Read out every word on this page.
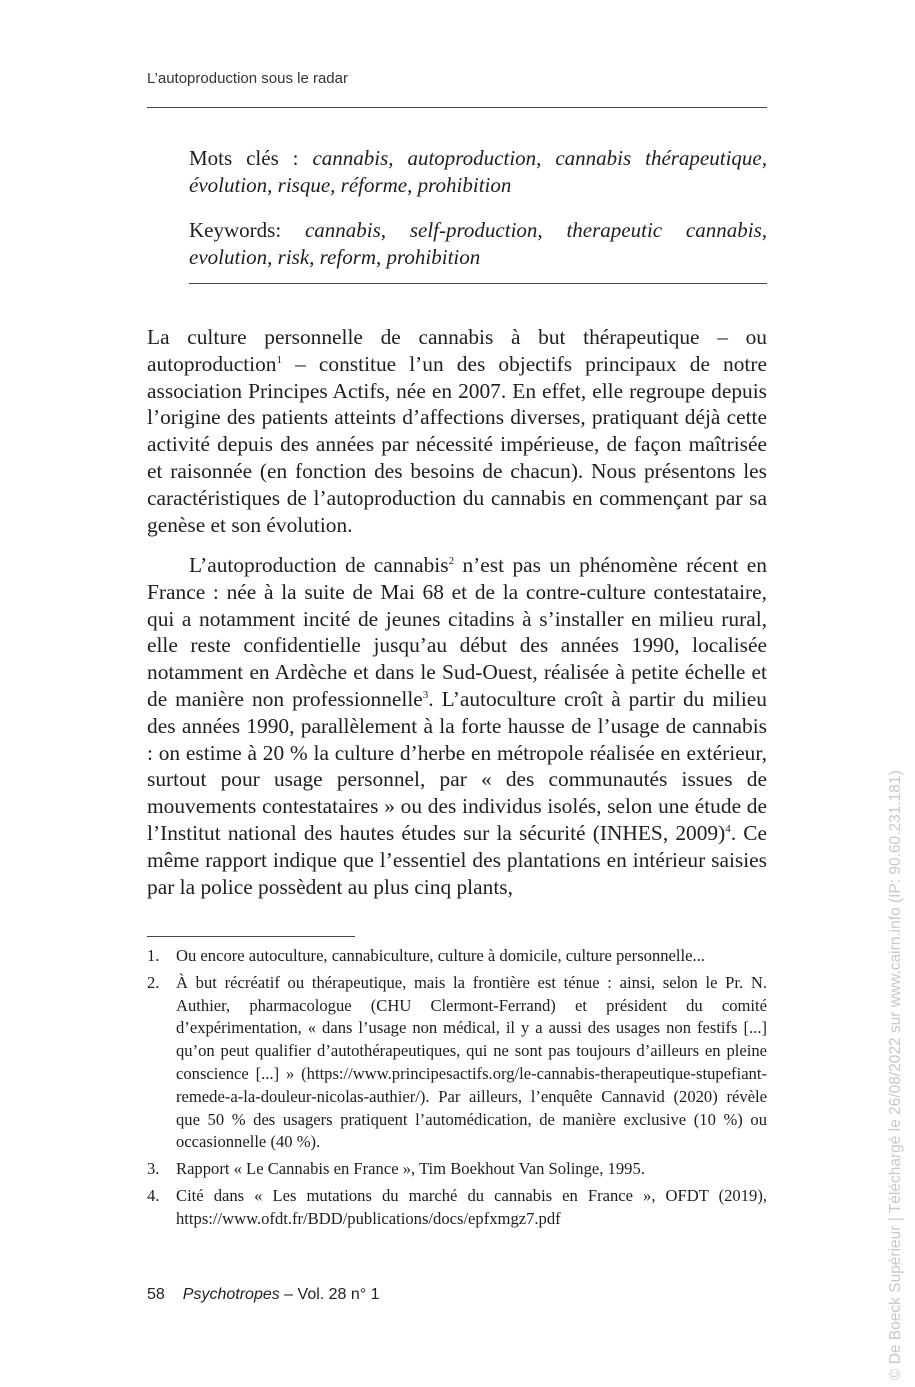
L’autoproduction sous le radar
Mots clés : cannabis, autoproduction, cannabis thérapeutique, évolution, risque, réforme, prohibition
Keywords: cannabis, self-production, therapeutic cannabis, evolution, risk, reform, prohibition
La culture personnelle de cannabis à but thérapeutique – ou autoproduction$^1$ – constitue l’un des objectifs principaux de notre association Principes Actifs, née en 2007. En effet, elle regroupe depuis l’origine des patients atteints d’affections diverses, pratiquant déjà cette activité depuis des années par nécessité impérieuse, de façon maîtrisée et raisonnée (en fonction des besoins de chacun). Nous présentons les caractéristiques de l’autoproduction du cannabis en commençant par sa genèse et son évolution.
L’autoproduction de cannabis$^2$ n’est pas un phénomène récent en France : née à la suite de Mai 68 et de la contre-culture contestataire, qui a notamment incité de jeunes citadins à s’installer en milieu rural, elle reste confidentielle jusqu’au début des années 1990, localisée notamment en Ardèche et dans le Sud-Ouest, réalisée à petite échelle et de manière non professionnelle$^3$. L’autoculture croît à partir du milieu des années 1990, parallèlement à la forte hausse de l’usage de cannabis : on estime à 20 % la culture d’herbe en métropole réalisée en extérieur, surtout pour usage personnel, par « des communautés issues de mouvements contestataires » ou des individus isolés, selon une étude de l’Institut national des hautes études sur la sécurité (INHES, 2009)$^4$. Ce même rapport indique que l’essentiel des plantations en intérieur saisies par la police possèdent au plus cinq plants,
1. Ou encore autoculture, cannabiculture, culture à domicile, culture personnelle...
2. À but récréatif ou thérapeutique, mais la frontière est ténue : ainsi, selon le Pr. N. Authier, pharmacologue (CHU Clermont-Ferrand) et président du comité d’expérimentation, « dans l’usage non médical, il y a aussi des usages non festifs [...] qu’on peut qualifier d’autothérapeutiques, qui ne sont pas toujours d’ailleurs en pleine conscience [...] » (https://www.principesactifs.org/le-cannabis-therapeutique-stupefiant-remede-a-la-douleur-nicolas-authier/). Par ailleurs, l’enquête Cannavid (2020) révèle que 50 % des usagers pratiquent l’automédication, de manière exclusive (10 %) ou occasionnelle (40 %).
3. Rapport « Le Cannabis en France », Tim Boekhout Van Solinge, 1995.
4. Cité dans « Les mutations du marché du cannabis en France », OFDT (2019), https://www.ofdt.fr/BDD/publications/docs/epfxmgz7.pdf
58 Psychotropes – Vol. 28 n° 1	© De Boeck Supérieur | Téléchargé le 26/08/2022 sur www.cairn.info (IP: 90.60.231.181)
